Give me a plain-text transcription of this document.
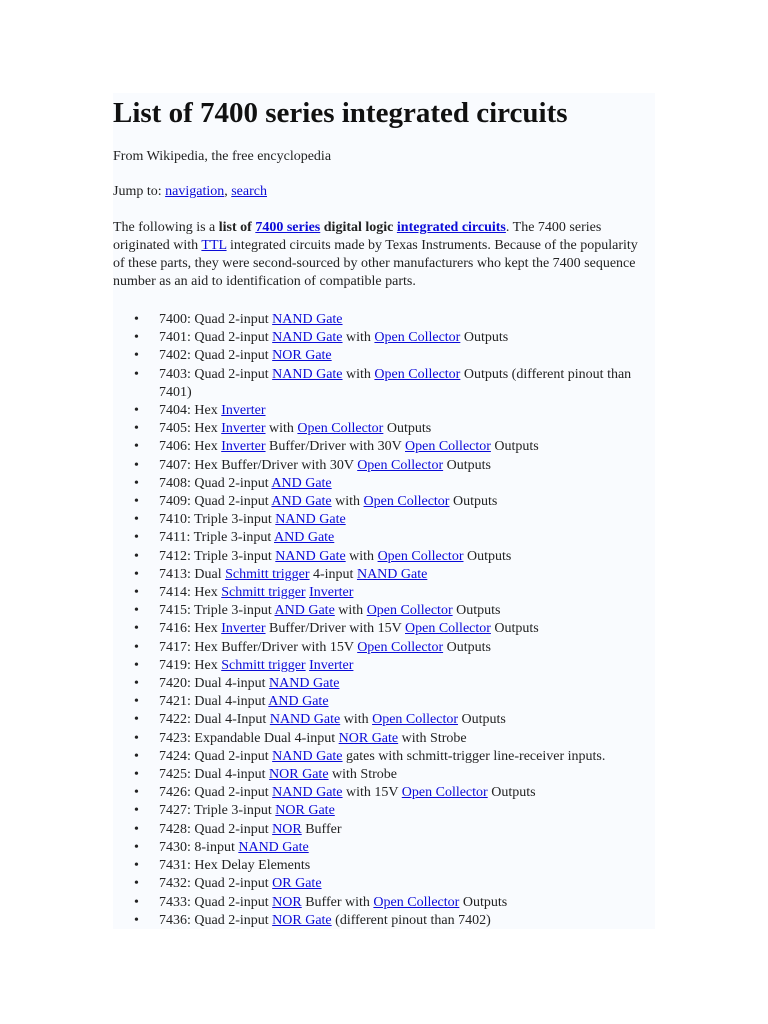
List of 7400 series integrated circuits
From Wikipedia, the free encyclopedia
Jump to: navigation, search

The following is a list of 7400 series digital logic integrated circuits. The 7400 series originated with TTL integrated circuits made by Texas Instruments. Because of the popularity of these parts, they were second-sourced by other manufacturers who kept the 7400 sequence number as an aid to identification of compatible parts.

• 7400: Quad 2-input NAND Gate
• 7401: Quad 2-input NAND Gate with Open Collector Outputs
• 7402: Quad 2-input NOR Gate
• 7403: Quad 2-input NAND Gate with Open Collector Outputs (different pinout than 7401)
• 7404: Hex Inverter
• 7405: Hex Inverter with Open Collector Outputs
• 7406: Hex Inverter Buffer/Driver with 30V Open Collector Outputs
• 7407: Hex Buffer/Driver with 30V Open Collector Outputs
• 7408: Quad 2-input AND Gate
• 7409: Quad 2-input AND Gate with Open Collector Outputs
• 7410: Triple 3-input NAND Gate
• 7411: Triple 3-input AND Gate
• 7412: Triple 3-input NAND Gate with Open Collector Outputs
• 7413: Dual Schmitt trigger 4-input NAND Gate
• 7414: Hex Schmitt trigger Inverter
• 7415: Triple 3-input AND Gate with Open Collector Outputs
• 7416: Hex Inverter Buffer/Driver with 15V Open Collector Outputs
• 7417: Hex Buffer/Driver with 15V Open Collector Outputs
• 7419: Hex Schmitt trigger Inverter
• 7420: Dual 4-input NAND Gate
• 7421: Dual 4-input AND Gate
• 7422: Dual 4-Input NAND Gate with Open Collector Outputs
• 7423: Expandable Dual 4-input NOR Gate with Strobe
• 7424: Quad 2-input NAND Gate gates with schmitt-trigger line-receiver inputs.
• 7425: Dual 4-input NOR Gate with Strobe
• 7426: Quad 2-input NAND Gate with 15V Open Collector Outputs
• 7427: Triple 3-input NOR Gate
• 7428: Quad 2-input NOR Buffer
• 7430: 8-input NAND Gate
• 7431: Hex Delay Elements
• 7432: Quad 2-input OR Gate
• 7433: Quad 2-input NOR Buffer with Open Collector Outputs
• 7436: Quad 2-input NOR Gate (different pinout than 7402)
